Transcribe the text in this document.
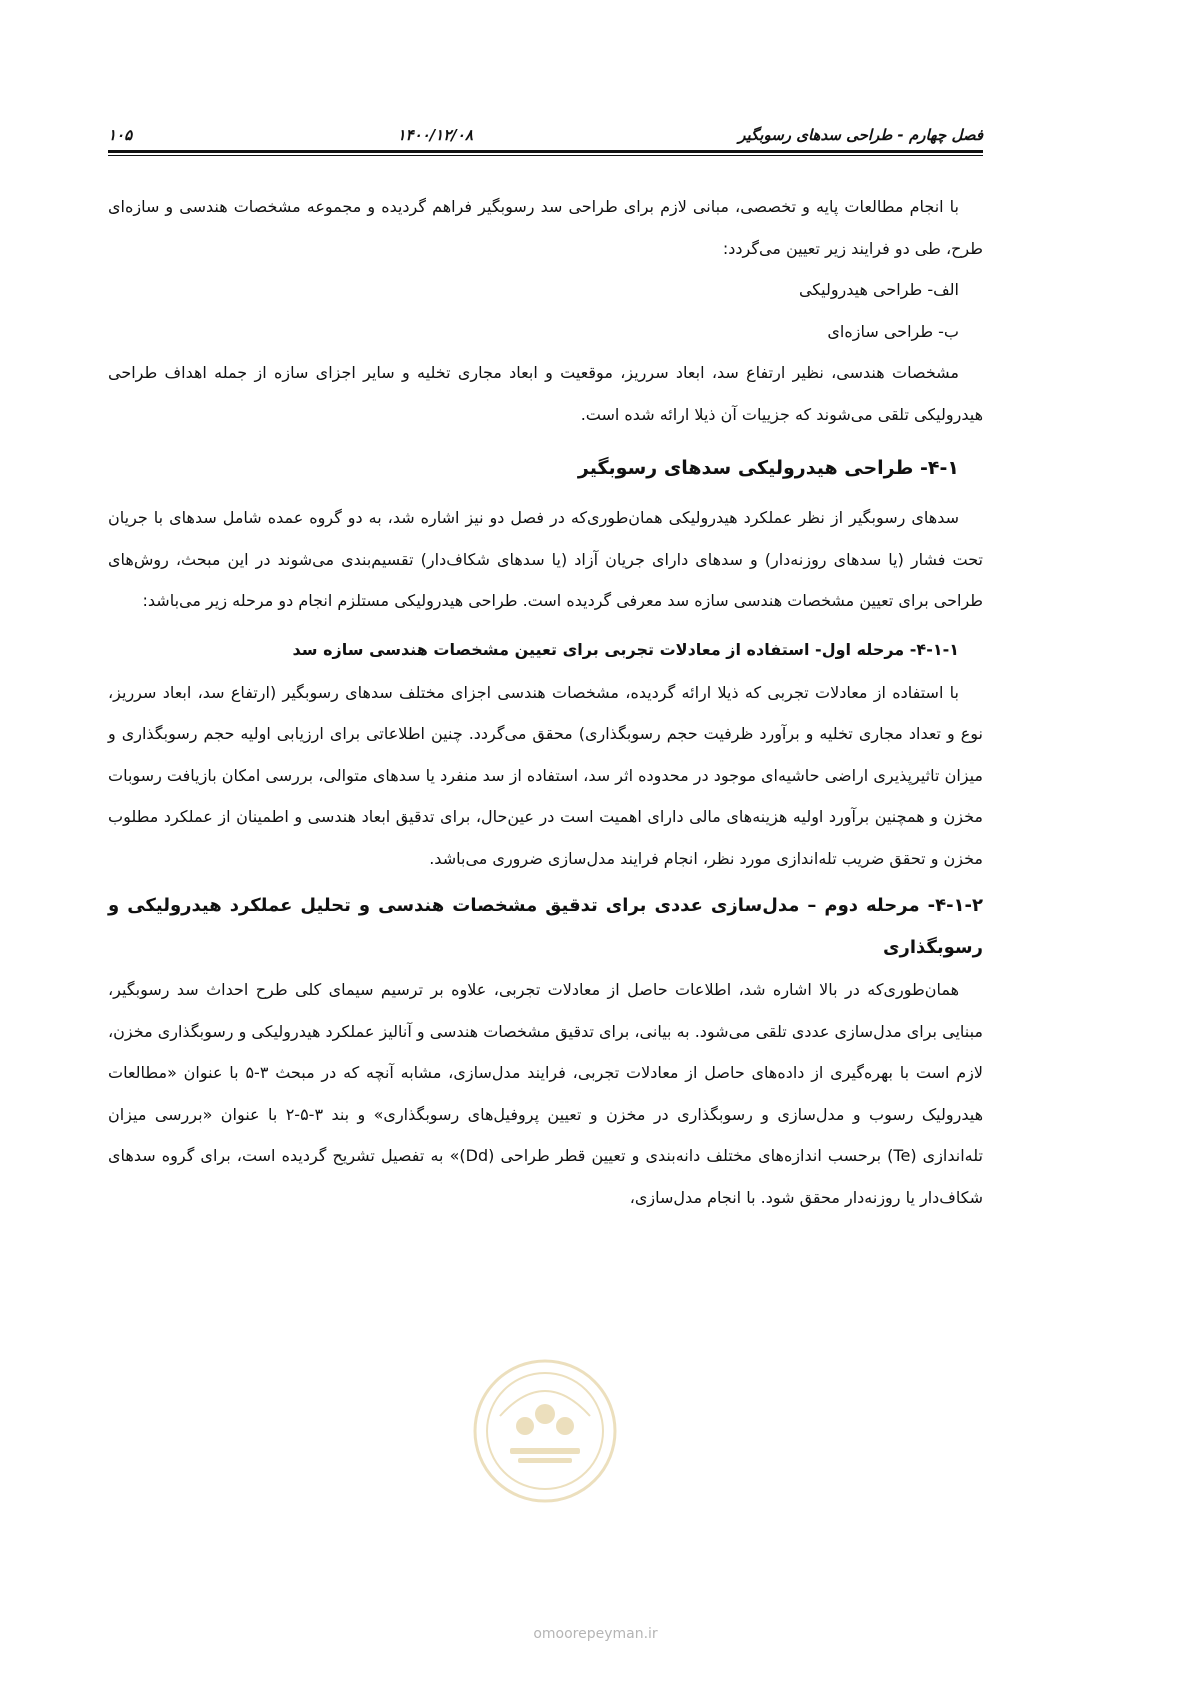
فصل چهارم - طراحی سدهای رسوبگیر
۱۴۰۰/۱۲/۰۸
۱۰۵

با انجام مطالعات پایه و تخصصی، مبانی لازم برای طراحی سد رسوبگیر فراهم گردیده و مجموعه مشخصات هندسی و سازه‌ای طرح، طی دو فرایند زیر تعیین می‌گردد:

الف- طراحی هیدرولیکی

ب- طراحی سازه‌ای

مشخصات هندسی، نظیر ارتفاع سد، ابعاد سرریز، موقعیت و ابعاد مجاری تخلیه و سایر اجزای سازه از جمله اهداف طراحی هیدرولیکی تلقی می‌شوند که جزییات آن ذیلا ارائه شده است.

۴-۱- طراحی هیدرولیکی سدهای رسوبگیر

سدهای رسوبگیر از نظر عملکرد هیدرولیکی همان‌طوری‌که در فصل دو نیز اشاره شد، به دو گروه عمده شامل سدهای با جریان تحت فشار (یا سدهای روزنه‌دار) و سدهای دارای جریان آزاد (یا سدهای شکاف‌دار) تقسیم‌بندی می‌شوند در این مبحث، روش‌های طراحی برای تعیین مشخصات هندسی سازه سد معرفی گردیده است. طراحی هیدرولیکی مستلزم انجام دو مرحله زیر می‌باشد:

۴-۱-۱- مرحله اول- استفاده از معادلات تجربی برای تعیین مشخصات هندسی سازه سد

با استفاده از معادلات تجربی که ذیلا ارائه گردیده، مشخصات هندسی اجزای مختلف سدهای رسوبگیر (ارتفاع سد، ابعاد سرریز، نوع و تعداد مجاری تخلیه و برآورد ظرفیت حجم رسوبگذاری) محقق می‌گردد. چنین اطلاعاتی برای ارزیابی اولیه حجم رسوبگذاری و میزان تاثیرپذیری اراضی حاشیه‌ای موجود در محدوده اثر سد، استفاده از سد منفرد یا سدهای متوالی، بررسی امکان بازیافت رسوبات مخزن و همچنین برآورد اولیه هزینه‌های مالی دارای اهمیت است در عین‌حال، برای تدقیق ابعاد هندسی و اطمینان از عملکرد مطلوب مخزن و تحقق ضریب تله‌اندازی مورد نظر، انجام فرایند مدل‌سازی ضروری می‌باشد.

۴-۱-۲- مرحله دوم – مدل‌سازی عددی برای تدقیق مشخصات هندسی و تحلیل عملکرد هیدرولیکی و رسوبگذاری

همان‌طوری‌که در بالا اشاره شد، اطلاعات حاصل از معادلات تجربی، علاوه بر ترسیم سیمای کلی طرح احداث سد رسوبگیر، مبنایی برای مدل‌سازی عددی تلقی می‌شود. به بیانی، برای تدقیق مشخصات هندسی و آنالیز عملکرد هیدرولیکی و رسوبگذاری مخزن، لازم است با بهره‌گیری از داده‌های حاصل از معادلات تجربی، فرایند مدل‌سازی، مشابه آنچه که در مبحث ۳-۵ با عنوان «مطالعات هیدرولیک رسوب و مدل‌سازی و رسوبگذاری در مخزن و تعیین پروفیل‌های رسوبگذاری» و بند ۳-۵-۲ با عنوان «بررسی میزان تله‌اندازی (Te) برحسب اندازه‌های مختلف دانه‌بندی و تعیین قطر طراحی (Dd)» به تفصیل تشریح گردیده است، برای گروه سدهای شکاف‌دار یا روزنه‌دار محقق شود. با انجام مدل‌سازی،

omoorepeyman.ir
